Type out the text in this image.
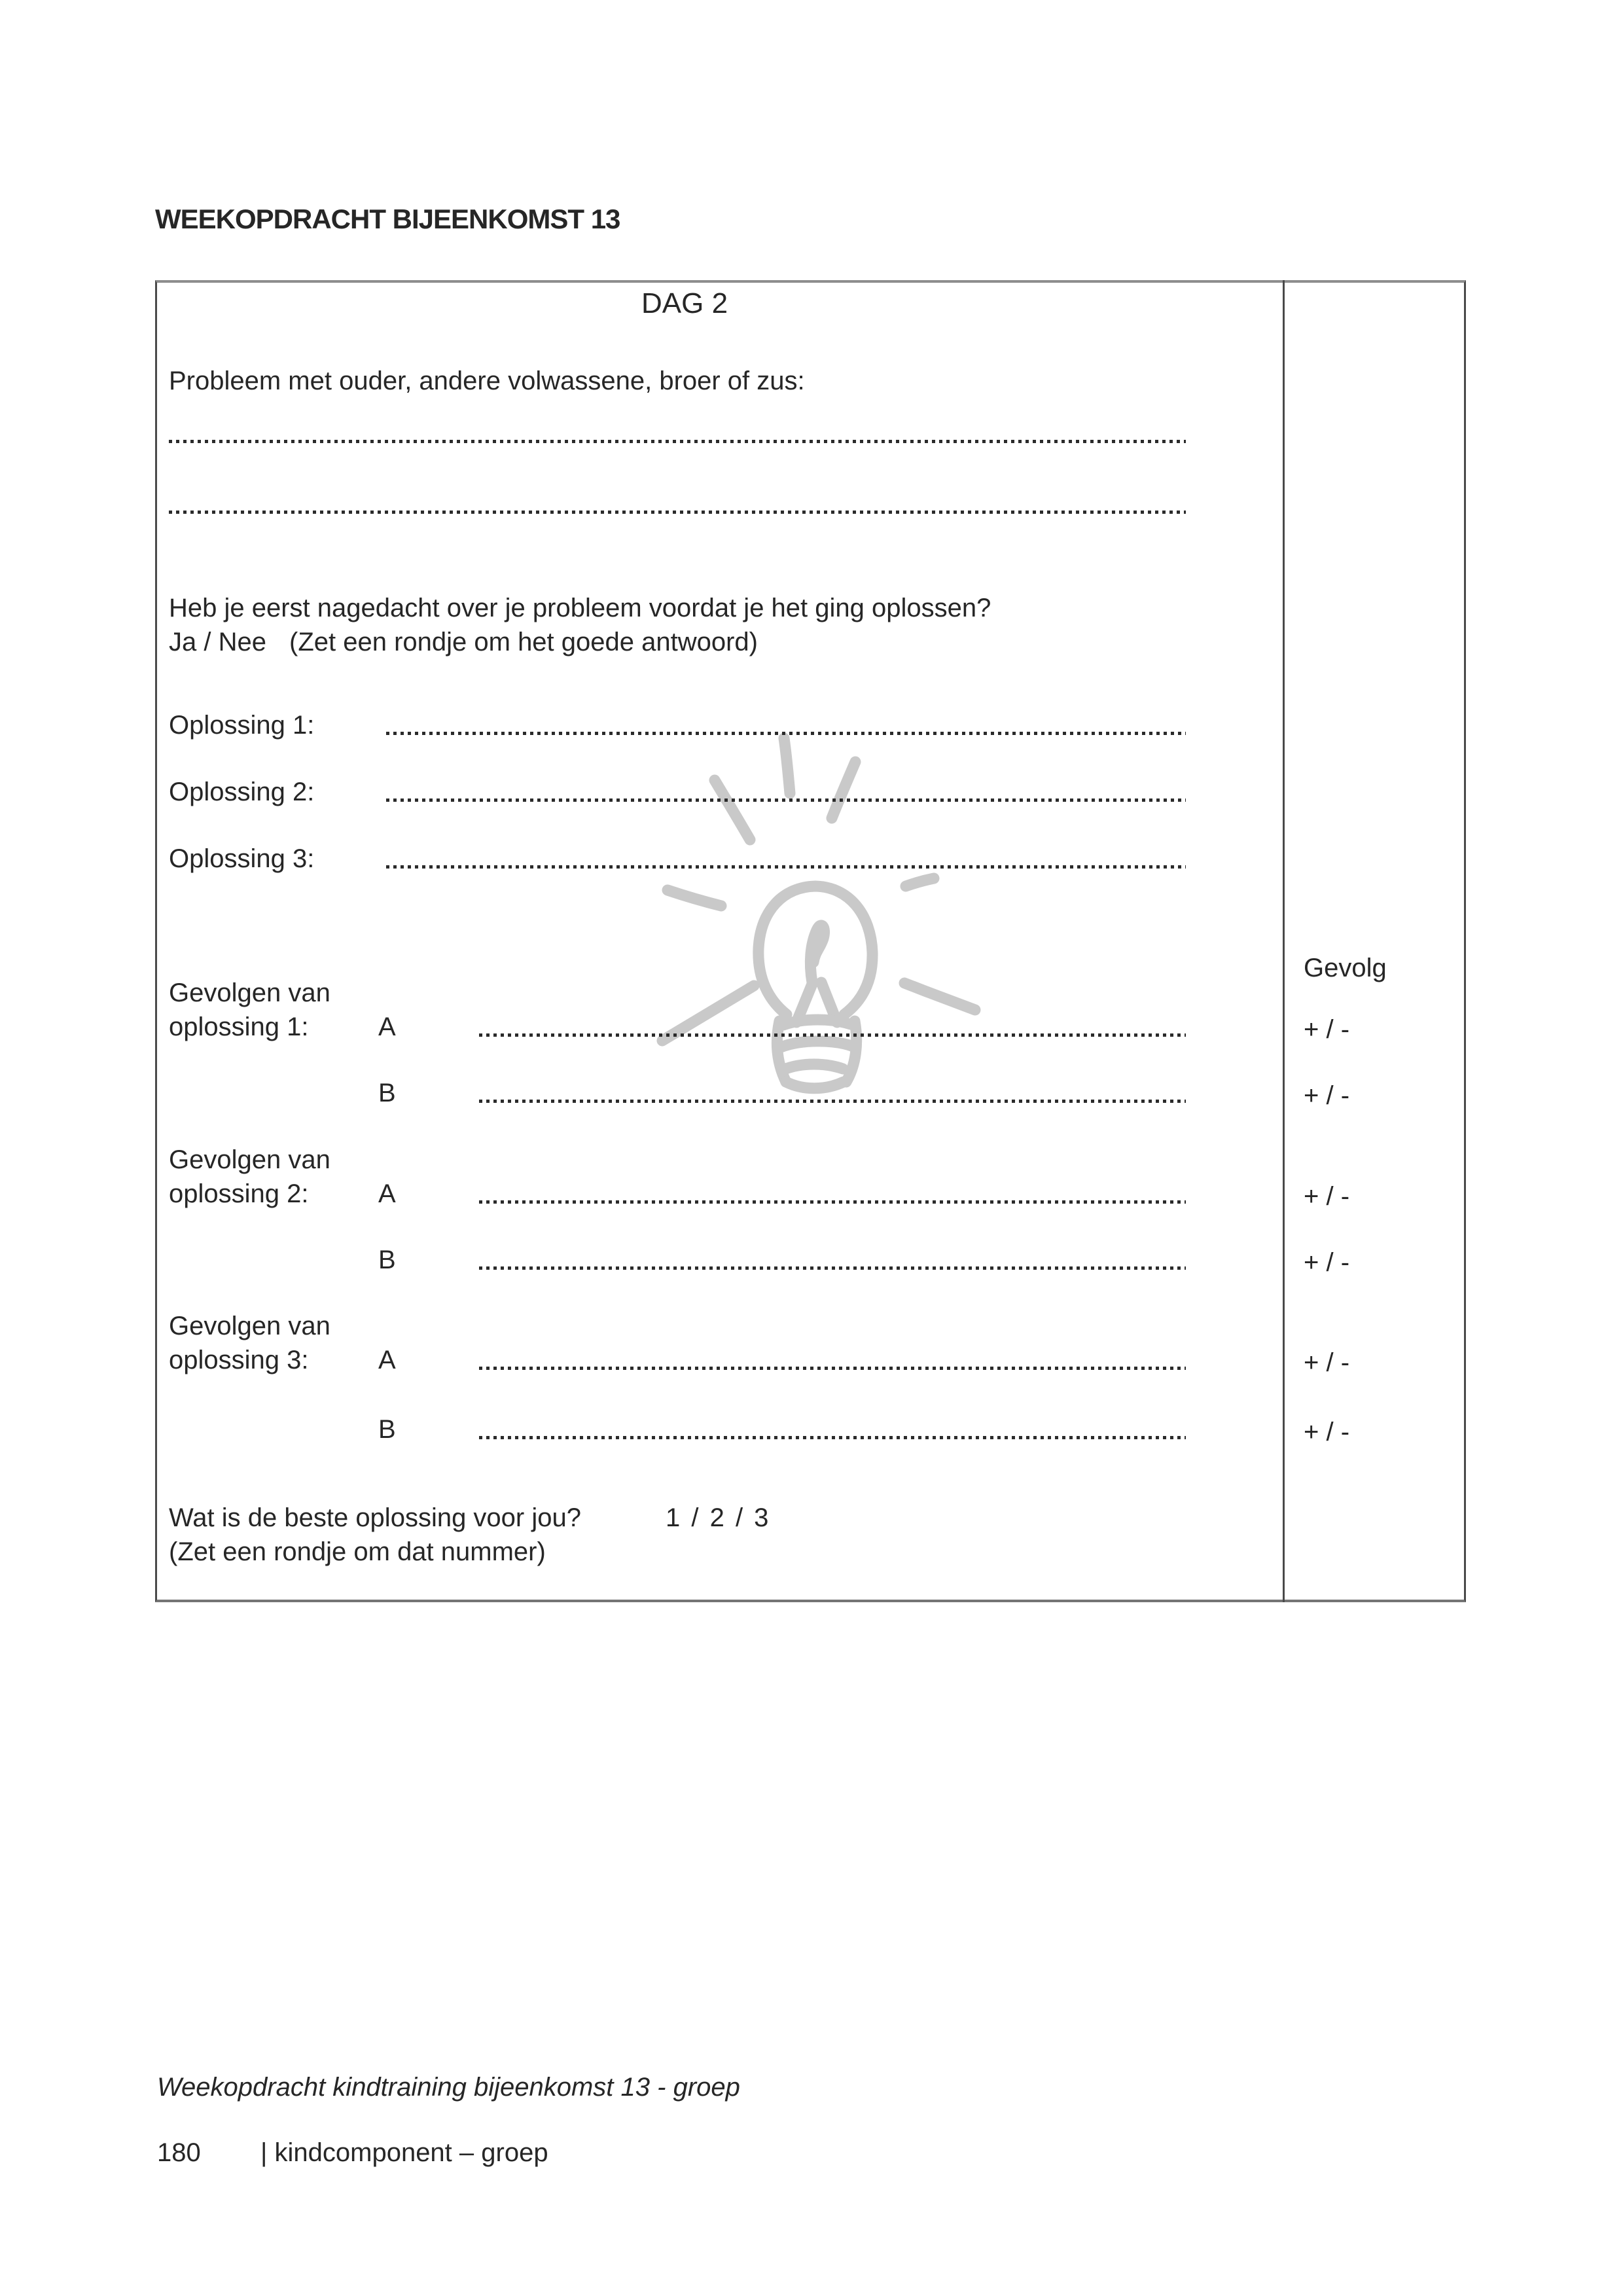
WEEKOPDRACHT BIJEENKOMST 13
DAG 2
Probleem met ouder, andere volwassene, broer of zus:
Heb je eerst nagedacht over je probleem voordat je het ging oplossen?
Ja / Nee (Zet een rondje om het goede antwoord)
Oplossing 1:
Oplossing 2:
Oplossing 3:
Gevolg
Gevolgen van
oplossing 1:	A	+ / -
B	+ / -
Gevolgen van
oplossing 2:	A	+ / -
B	+ / -
Gevolgen van
oplossing 3:	A	+ / -
B	+ / -
Wat is de beste oplossing voor jou?	1 / 2 / 3
(Zet een rondje om dat nummer)
Weekopdracht kindtraining bijeenkomst 13 - groep
180 | kindcomponent – groep
